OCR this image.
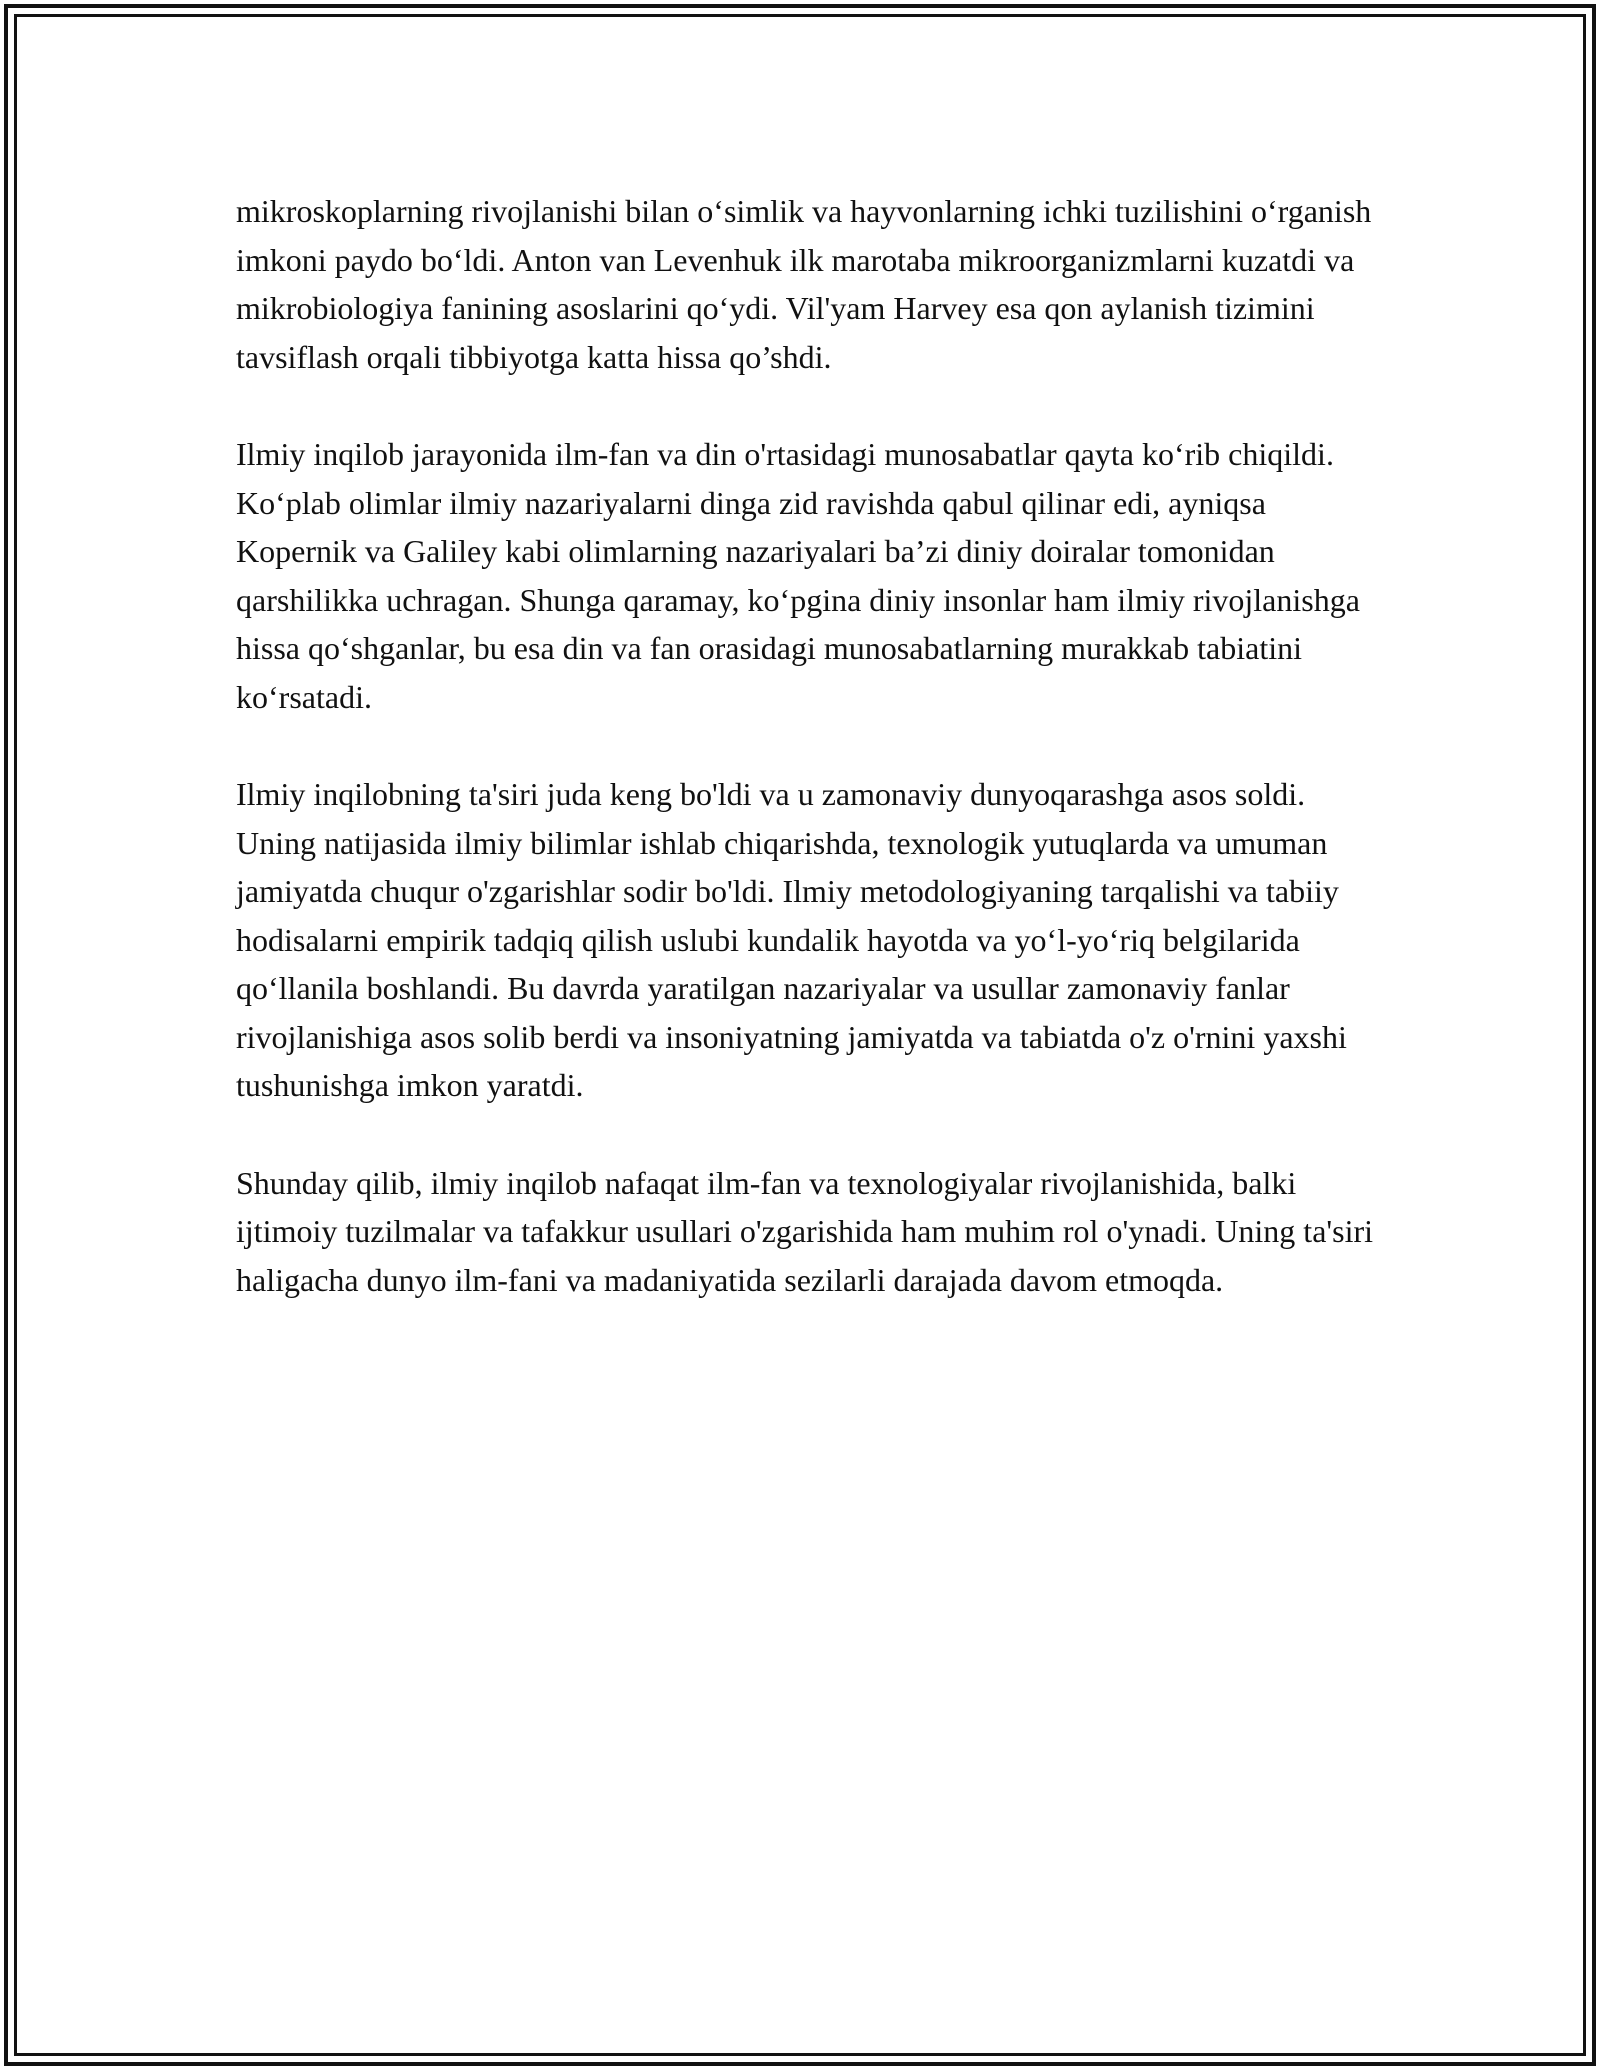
mikroskoplarning rivojlanishi bilan o‘simlik va hayvonlarning ichki tuzilishini o‘rganish imkoni paydo bo‘ldi. Anton van Levenhuk ilk marotaba mikroorganizmlarni kuzatdi va mikrobiologiya fanining asoslarini qo‘ydi. Vil'yam Harvey esa qon aylanish tizimini tavsiflash orqali tibbiyotga katta hissa qo’shdi.

Ilmiy inqilob jarayonida ilm-fan va din o'rtasidagi munosabatlar qayta ko‘rib chiqildi. Ko‘plab olimlar ilmiy nazariyalarni dinga zid ravishda qabul qilinar edi, ayniqsa Kopernik va Galiley kabi olimlarning nazariyalari ba’zi diniy doiralar tomonidan qarshilikka uchragan. Shunga qaramay, ko‘pgina diniy insonlar ham ilmiy rivojlanishga hissa qo‘shganlar, bu esa din va fan orasidagi munosabatlarning murakkab tabiatini ko‘rsatadi.

Ilmiy inqilobning ta'siri juda keng bo'ldi va u zamonaviy dunyoqarashga asos soldi. Uning natijasida ilmiy bilimlar ishlab chiqarishda, texnologik yutuqlarda va umuman jamiyatda chuqur o'zgarishlar sodir bo'ldi. Ilmiy metodologiyaning tarqalishi va tabiiy hodisalarni empirik tadqiq qilish uslubi kundalik hayotda va yo‘l-yo‘riq belgilarida qo‘llanila boshlandi. Bu davrda yaratilgan nazariyalar va usullar zamonaviy fanlar rivojlanishiga asos solib berdi va insoniyatning jamiyatda va tabiatda o'z o'rnini yaxshi tushunishga imkon yaratdi.

Shunday qilib, ilmiy inqilob nafaqat ilm-fan va texnologiyalar rivojlanishida, balki ijtimoiy tuzilmalar va tafakkur usullari o'zgarishida ham muhim rol o'ynadi. Uning ta'siri haligacha dunyo ilm-fani va madaniyatida sezilarli darajada davom etmoqda.
